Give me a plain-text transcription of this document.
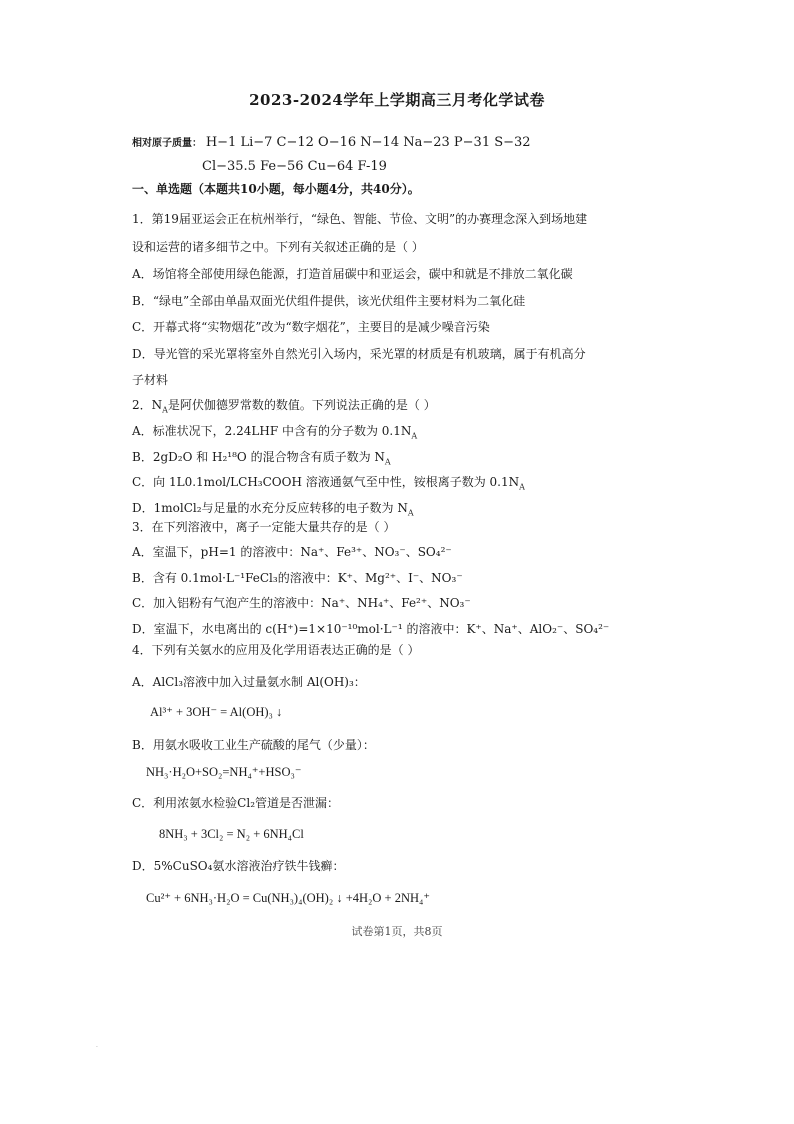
2023-2024学年上学期高三月考化学试卷
相对原子质量： H−1 Li−7 C−12 O−16 N−14 Na−23 P−31 S−32
Cl−35.5 Fe−56 Cu−64 F-19
一、单选题（本题共10小题，每小题4分，共40分）。
1．第19届亚运会正在杭州举行，“绿色、智能、节俭、文明”的办赛理念深入到场地建
设和运营的诸多细节之中。下列有关叙述正确的是（ ）
A．场馆将全部使用绿色能源，打造首届碳中和亚运会，碳中和就是不排放二氧化碳
B．“绿电”全部由单晶双面光伏组件提供，该光伏组件主要材料为二氧化硅
C．开幕式将“实物烟花”改为“数字烟花”，主要目的是减少噪音污染
D．导光管的采光罩将室外自然光引入场内，采光罩的材质是有机玻璃，属于有机高分
子材料
2．$N_A$是阿伏伽德罗常数的数值。下列说法正确的是（ ）
A．标准状况下，2.24LHF 中含有的分子数为 $0.1N_A$
B．2gD₂O 和 H₂¹⁸O 的混合物含有质子数为 $N_A$
C．向 1L0.1mol/LCH₃COOH 溶液通氨气至中性，铵根离子数为 $0.1N_A$
D．1molCl₂与足量的水充分反应转移的电子数为 $N_A$
3．在下列溶液中，离子一定能大量共存的是（ ）
A．室温下，pH=1 的溶液中：Na⁺、Fe³⁺、NO₃⁻、SO₄²⁻
B．含有 0.1mol·L⁻¹FeCl₃的溶液中：K⁺、Mg²⁺、I⁻、NO₃⁻
C．加入铝粉有气泡产生的溶液中：Na⁺、NH₄⁺、Fe²⁺、NO₃⁻
D．室温下，水电离出的 c(H⁺)=1×10⁻¹⁰mol·L⁻¹ 的溶液中：K⁺、Na⁺、AlO₂⁻、SO₄²⁻
4．下列有关氨水的应用及化学用语表达正确的是（ ）
A．AlCl₃溶液中加入过量氨水制 Al(OH)₃：
Al³⁺ + 3OH⁻ = Al(OH)₃ ↓
B．用氨水吸收工业生产硫酸的尾气（少量）：
NH₃·H₂O+SO₂=NH₄⁺+HSO₃⁻
C．利用浓氨水检验Cl₂管道是否泄漏：
8NH₃ + 3Cl₂ = N₂ + 6NH₄Cl
D．5%CuSO₄氨水溶液治疗铁牛钱癣：
Cu²⁺ + 6NH₃·H₂O = Cu(NH₃)₄(OH)₂ ↓ +4H₂O + 2NH₄⁺
试卷第1页，共8页
·
